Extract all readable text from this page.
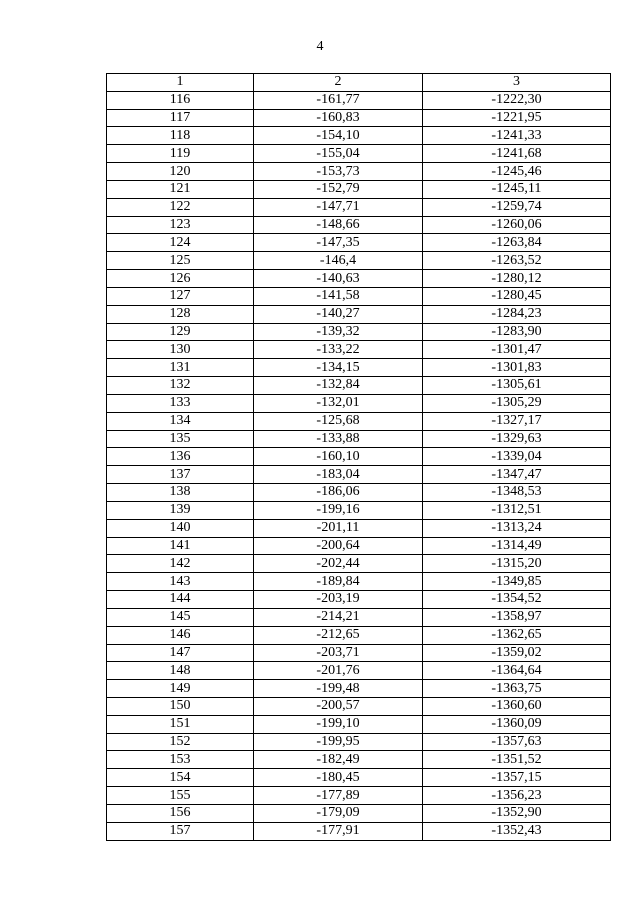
4
1	2	3
116	-161,77	-1222,30
117	-160,83	-1221,95
118	-154,10	-1241,33
119	-155,04	-1241,68
120	-153,73	-1245,46
121	-152,79	-1245,11
122	-147,71	-1259,74
123	-148,66	-1260,06
124	-147,35	-1263,84
125	-146,4	-1263,52
126	-140,63	-1280,12
127	-141,58	-1280,45
128	-140,27	-1284,23
129	-139,32	-1283,90
130	-133,22	-1301,47
131	-134,15	-1301,83
132	-132,84	-1305,61
133	-132,01	-1305,29
134	-125,68	-1327,17
135	-133,88	-1329,63
136	-160,10	-1339,04
137	-183,04	-1347,47
138	-186,06	-1348,53
139	-199,16	-1312,51
140	-201,11	-1313,24
141	-200,64	-1314,49
142	-202,44	-1315,20
143	-189,84	-1349,85
144	-203,19	-1354,52
145	-214,21	-1358,97
146	-212,65	-1362,65
147	-203,71	-1359,02
148	-201,76	-1364,64
149	-199,48	-1363,75
150	-200,57	-1360,60
151	-199,10	-1360,09
152	-199,95	-1357,63
153	-182,49	-1351,52
154	-180,45	-1357,15
155	-177,89	-1356,23
156	-179,09	-1352,90
157	-177,91	-1352,43
